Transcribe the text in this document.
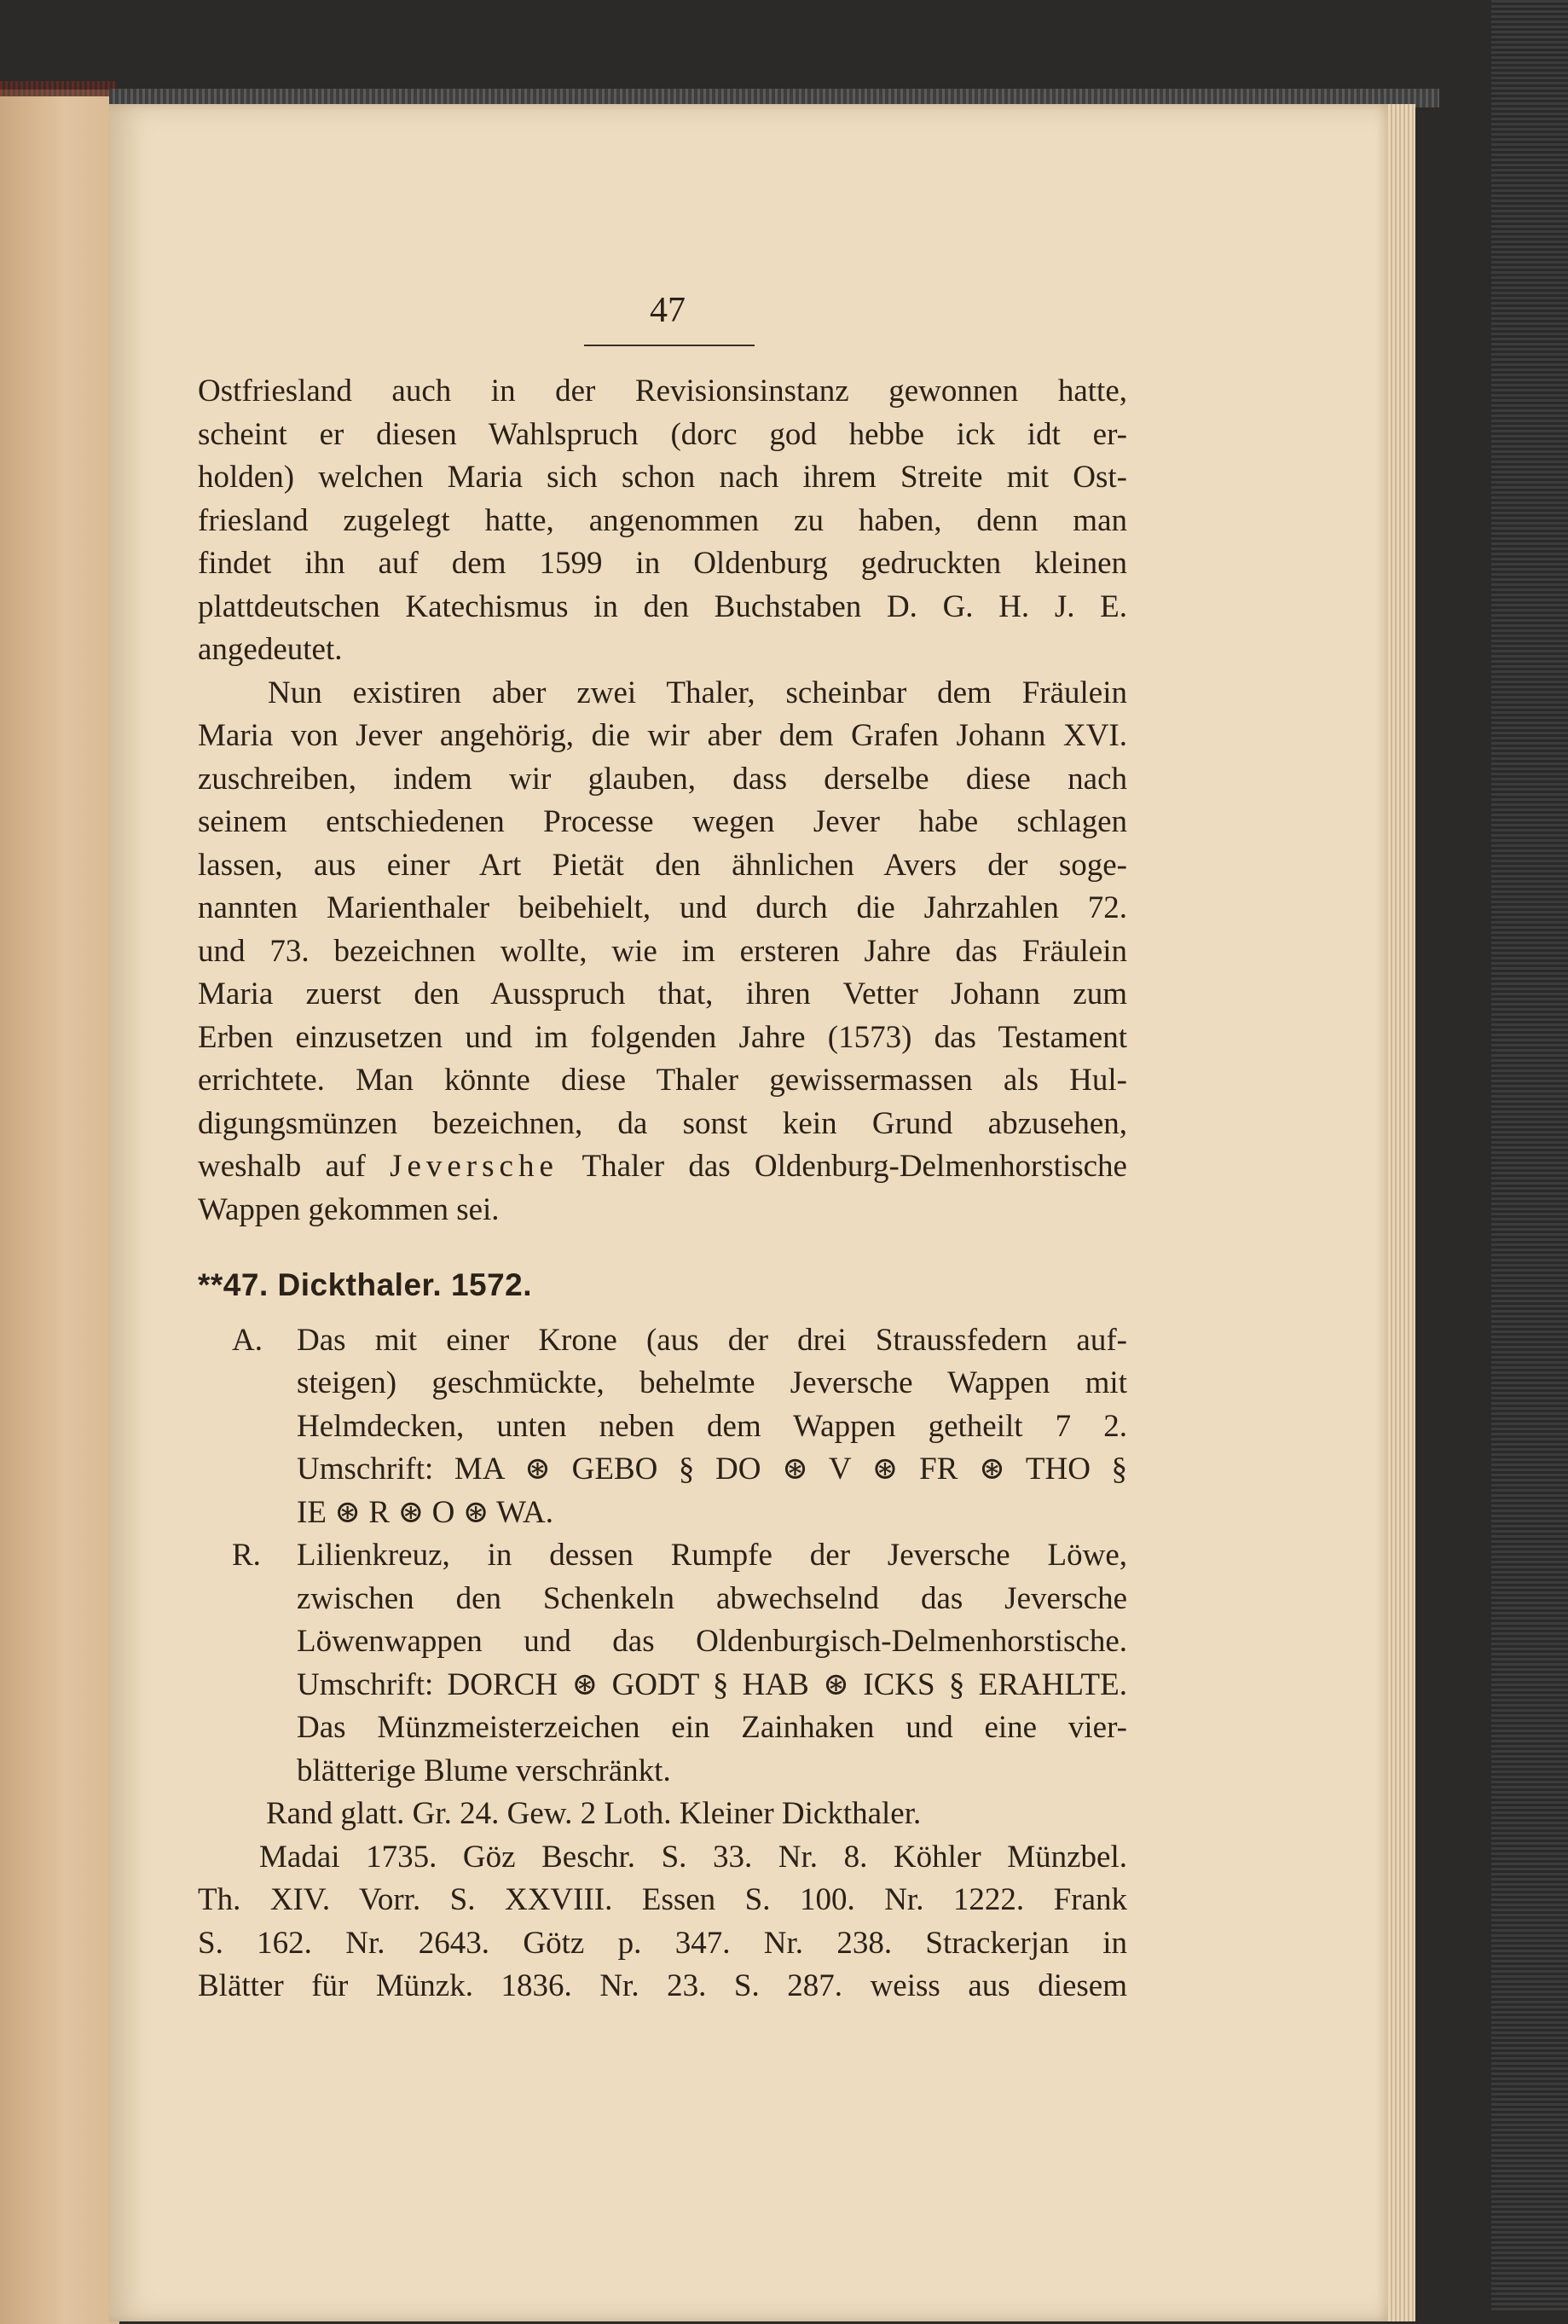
47

Ostfriesland auch in der Revisionsinstanz gewonnen hatte,
scheint er diesen Wahlspruch (dorc god hebbe ick idt er-
holden) welchen Maria sich schon nach ihrem Streite mit Ost-
friesland zugelegt hatte, angenommen zu haben, denn man
findet ihn auf dem 1599 in Oldenburg gedruckten kleinen
plattdeutschen Katechismus in den Buchstaben D. G. H. J. E.
angedeutet.

Nun existiren aber zwei Thaler, scheinbar dem Fräulein
Maria von Jever angehörig, die wir aber dem Grafen Johann XVI.
zuschreiben, indem wir glauben, dass derselbe diese nach
seinem entschiedenen Processe wegen Jever habe schlagen
lassen, aus einer Art Pietät den ähnlichen Avers der soge-
nannten Marienthaler beibehielt, und durch die Jahrzahlen 72.
und 73. bezeichnen wollte, wie im ersteren Jahre das Fräulein
Maria zuerst den Ausspruch that, ihren Vetter Johann zum
Erben einzusetzen und im folgenden Jahre (1573) das Testament
errichtete. Man könnte diese Thaler gewissermassen als Hul-
digungsmünzen bezeichnen, da sonst kein Grund abzusehen,
weshalb auf Jeversche Thaler das Oldenburg-Delmenhorstische
Wappen gekommen sei.

**47. Dickthaler. 1572.
A. Das mit einer Krone (aus der drei Straussfedern auf-
steigen) geschmückte, behelmte Jeversche Wappen mit
Helmdecken, unten neben dem Wappen getheilt 7 2.
Umschrift: MA ⊛ GEBO § DO ⊛ V ⊛ FR ⊛ THO §
IE ⊛ R ⊛ O ⊛ WA.
R. Lilienkreuz, in dessen Rumpfe der Jeversche Löwe,
zwischen den Schenkeln abwechselnd das Jeversche
Löwenwappen und das Oldenburgisch-Delmenhorstische.
Umschrift: DORCH ⊛ GODT § HAB ⊛ ICKS § ERAHLTE.
Das Münzmeisterzeichen ein Zainhaken und eine vier-
blätterige Blume verschränkt.
Rand glatt. Gr. 24. Gew. 2 Loth. Kleiner Dickthaler.
Madai 1735. Göz Beschr. S. 33. Nr. 8. Köhler Münzbel.
Th. XIV. Vorr. S. XXVIII. Essen S. 100. Nr. 1222. Frank
S. 162. Nr. 2643. Götz p. 347. Nr. 238. Strackerjan in
Blätter für Münzk. 1836. Nr. 23. S. 287. weiss aus diesem
